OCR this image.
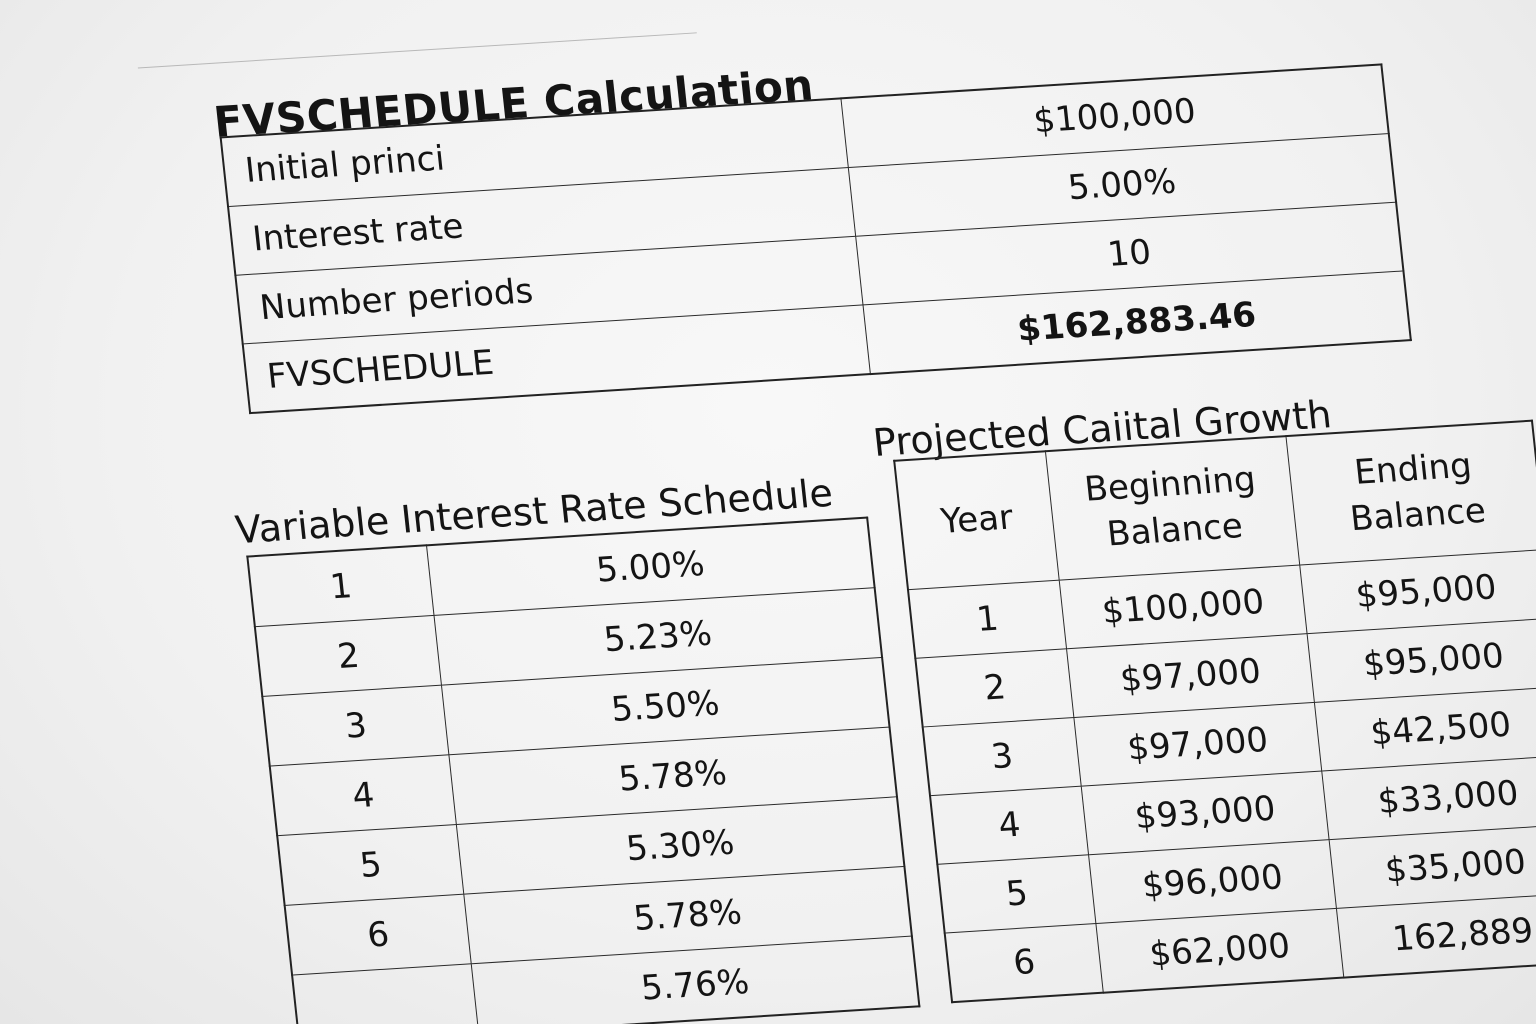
FVSCHEDULE Calculation
Initial princi	$100,000
Interest rate	5.00%
Number periods	10
FVSCHEDULE	$162,883.46
Variable Interest Rate Schedule
1	5.00%
2	5.23%
3	5.50%
4	5.78%
5	5.30%
6	5.78%
	5.76%
Projected Caiital Growth
Year	Beginning Balance	Ending Balance
1	$100,000	$95,000
2	$97,000	$95,000
3	$97,000	$42,500
4	$93,000	$33,000
5	$96,000	$35,000
6	$62,000	162,889
